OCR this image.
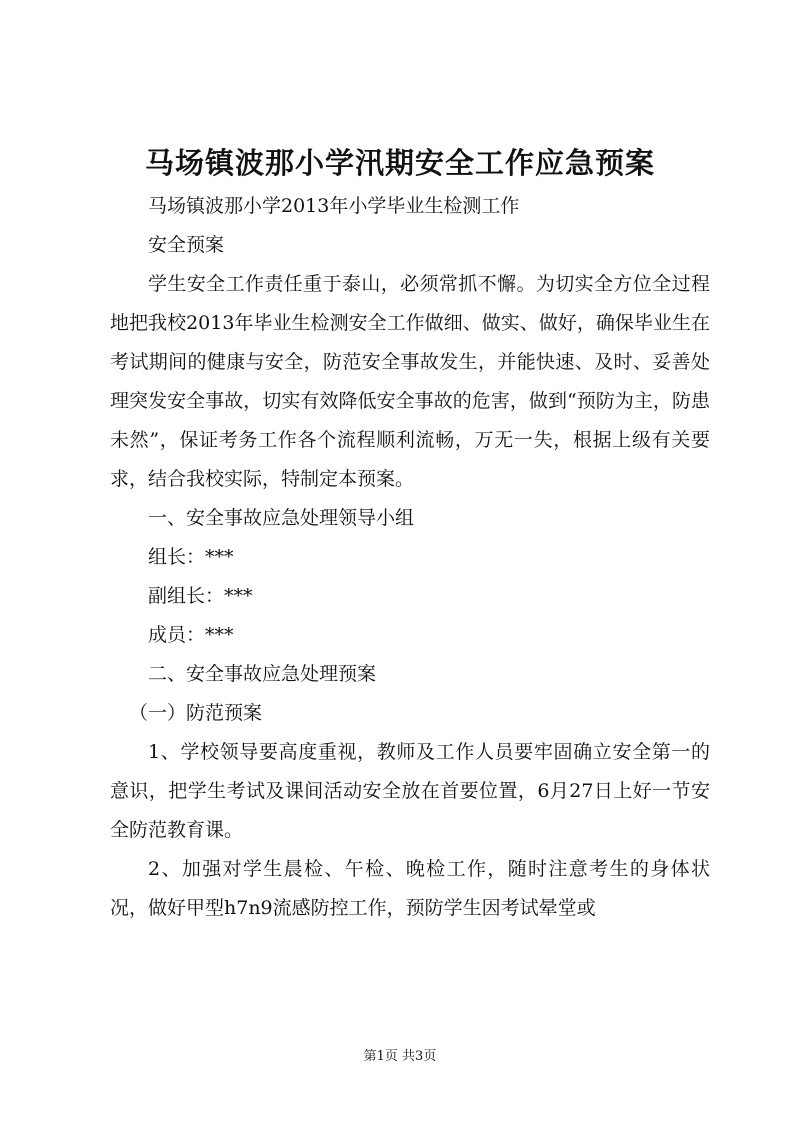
马场镇波那小学汛期安全工作应急预案

马场镇波那小学2013年小学毕业生检测工作

安全预案

学生安全工作责任重于泰山，必须常抓不懈。为切实全方位全过程地把我校2013年毕业生检测安全工作做细、做实、做好，确保毕业生在考试期间的健康与安全，防范安全事故发生，并能快速、及时、妥善处理突发安全事故，切实有效降低安全事故的危害，做到“预防为主，防患未然”，保证考务工作各个流程顺利流畅，万无一失，根据上级有关要求，结合我校实际，特制定本预案。

一、安全事故应急处理领导小组

组长：***

副组长：***

成员：***

二、安全事故应急处理预案

（一）防范预案

1、学校领导要高度重视，教师及工作人员要牢固确立安全第一的意识，把学生考试及课间活动安全放在首要位置，6月27日上好一节安全防范教育课。

2、加强对学生晨检、午检、晚检工作，随时注意考生的身体状况，做好甲型h7n9流感防控工作，预防学生因考试晕堂或

第1页 共3页
